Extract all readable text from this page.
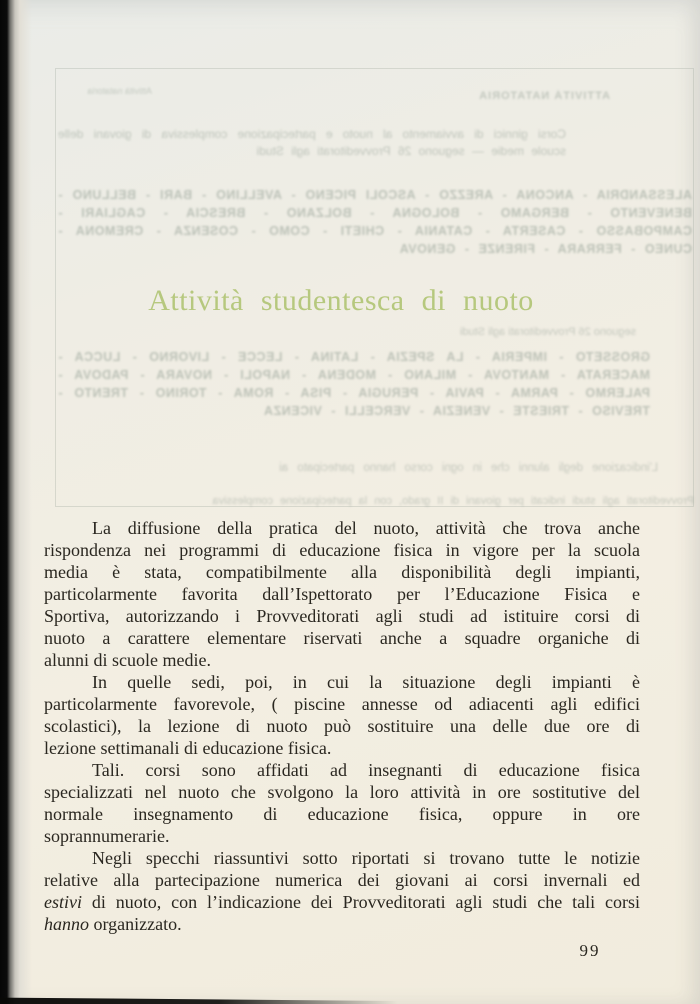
Attività natatoria	ATTIVITÀ NATATORIA
Corsi ginnici di avviamento al nuoto e partecipazione complessiva di giovani delle scuole medie — seguono 26 Provveditorati agli Studi
ALESSANDRIA - ANCONA - AREZZO - ASCOLI PICENO - AVELLINO - BARI - BELLUNO - BENEVENTO - BERGAMO - BOLOGNA - BOLZANO - BRESCIA - CAGLIARI - CAMPOBASSO - CASERTA - CATANIA - CHIETI - COMO - COSENZA - CREMONA - CUNEO - FERRARA - FIRENZE - GENOVA
seguono 26 Provveditorati agli Studi
GROSSETO - IMPERIA - LA SPEZIA - LATINA - LECCE - LIVORNO - LUCCA - MACERATA - MANTOVA - MILANO - MODENA - NAPOLI - NOVARA - PADOVA - PALERMO - PARMA - PAVIA - PERUGIA - PISA - ROMA - TORINO - TRENTO - TREVISO - TRIESTE - VENEZIA - VERCELLI - VICENZA
L’indicazione degli alunni che in ogni corso hanno partecipato ai
Provveditorati agli studi indicati per giovani di II grado, con la partecipazione complessiva
Attività studentesca di nuoto
La diffusione della pratica del nuoto, attività che trova anche
rispondenza nei programmi di educazione fisica in vigore per la scuola
media è stata, compatibilmente alla disponibilità degli impianti,
particolarmente favorita dall’Ispettorato per l’Educazione Fisica e
Sportiva, autorizzando i Provveditorati agli studi ad istituire corsi di
nuoto a carattere elementare riservati anche a squadre organiche di
alunni di scuole medie.
In quelle sedi, poi, in cui la situazione degli impianti è
particolarmente favorevole, ( piscine annesse od adiacenti agli edifici
scolastici), la lezione di nuoto può sostituire una delle due ore di
lezione settimanali di educazione fisica.
Tali. corsi sono affidati ad insegnanti di educazione fisica
specializzati nel nuoto che svolgono la loro attività in ore sostitutive del
normale insegnamento di educazione fisica, oppure in ore
soprannumerarie.
Negli specchi riassuntivi sotto riportati si trovano tutte le notizie
relative alla partecipazione numerica dei giovani ai corsi invernali ed
estivi di nuoto, con l’indicazione dei Provveditorati agli studi che tali corsi
hanno organizzato.
99
